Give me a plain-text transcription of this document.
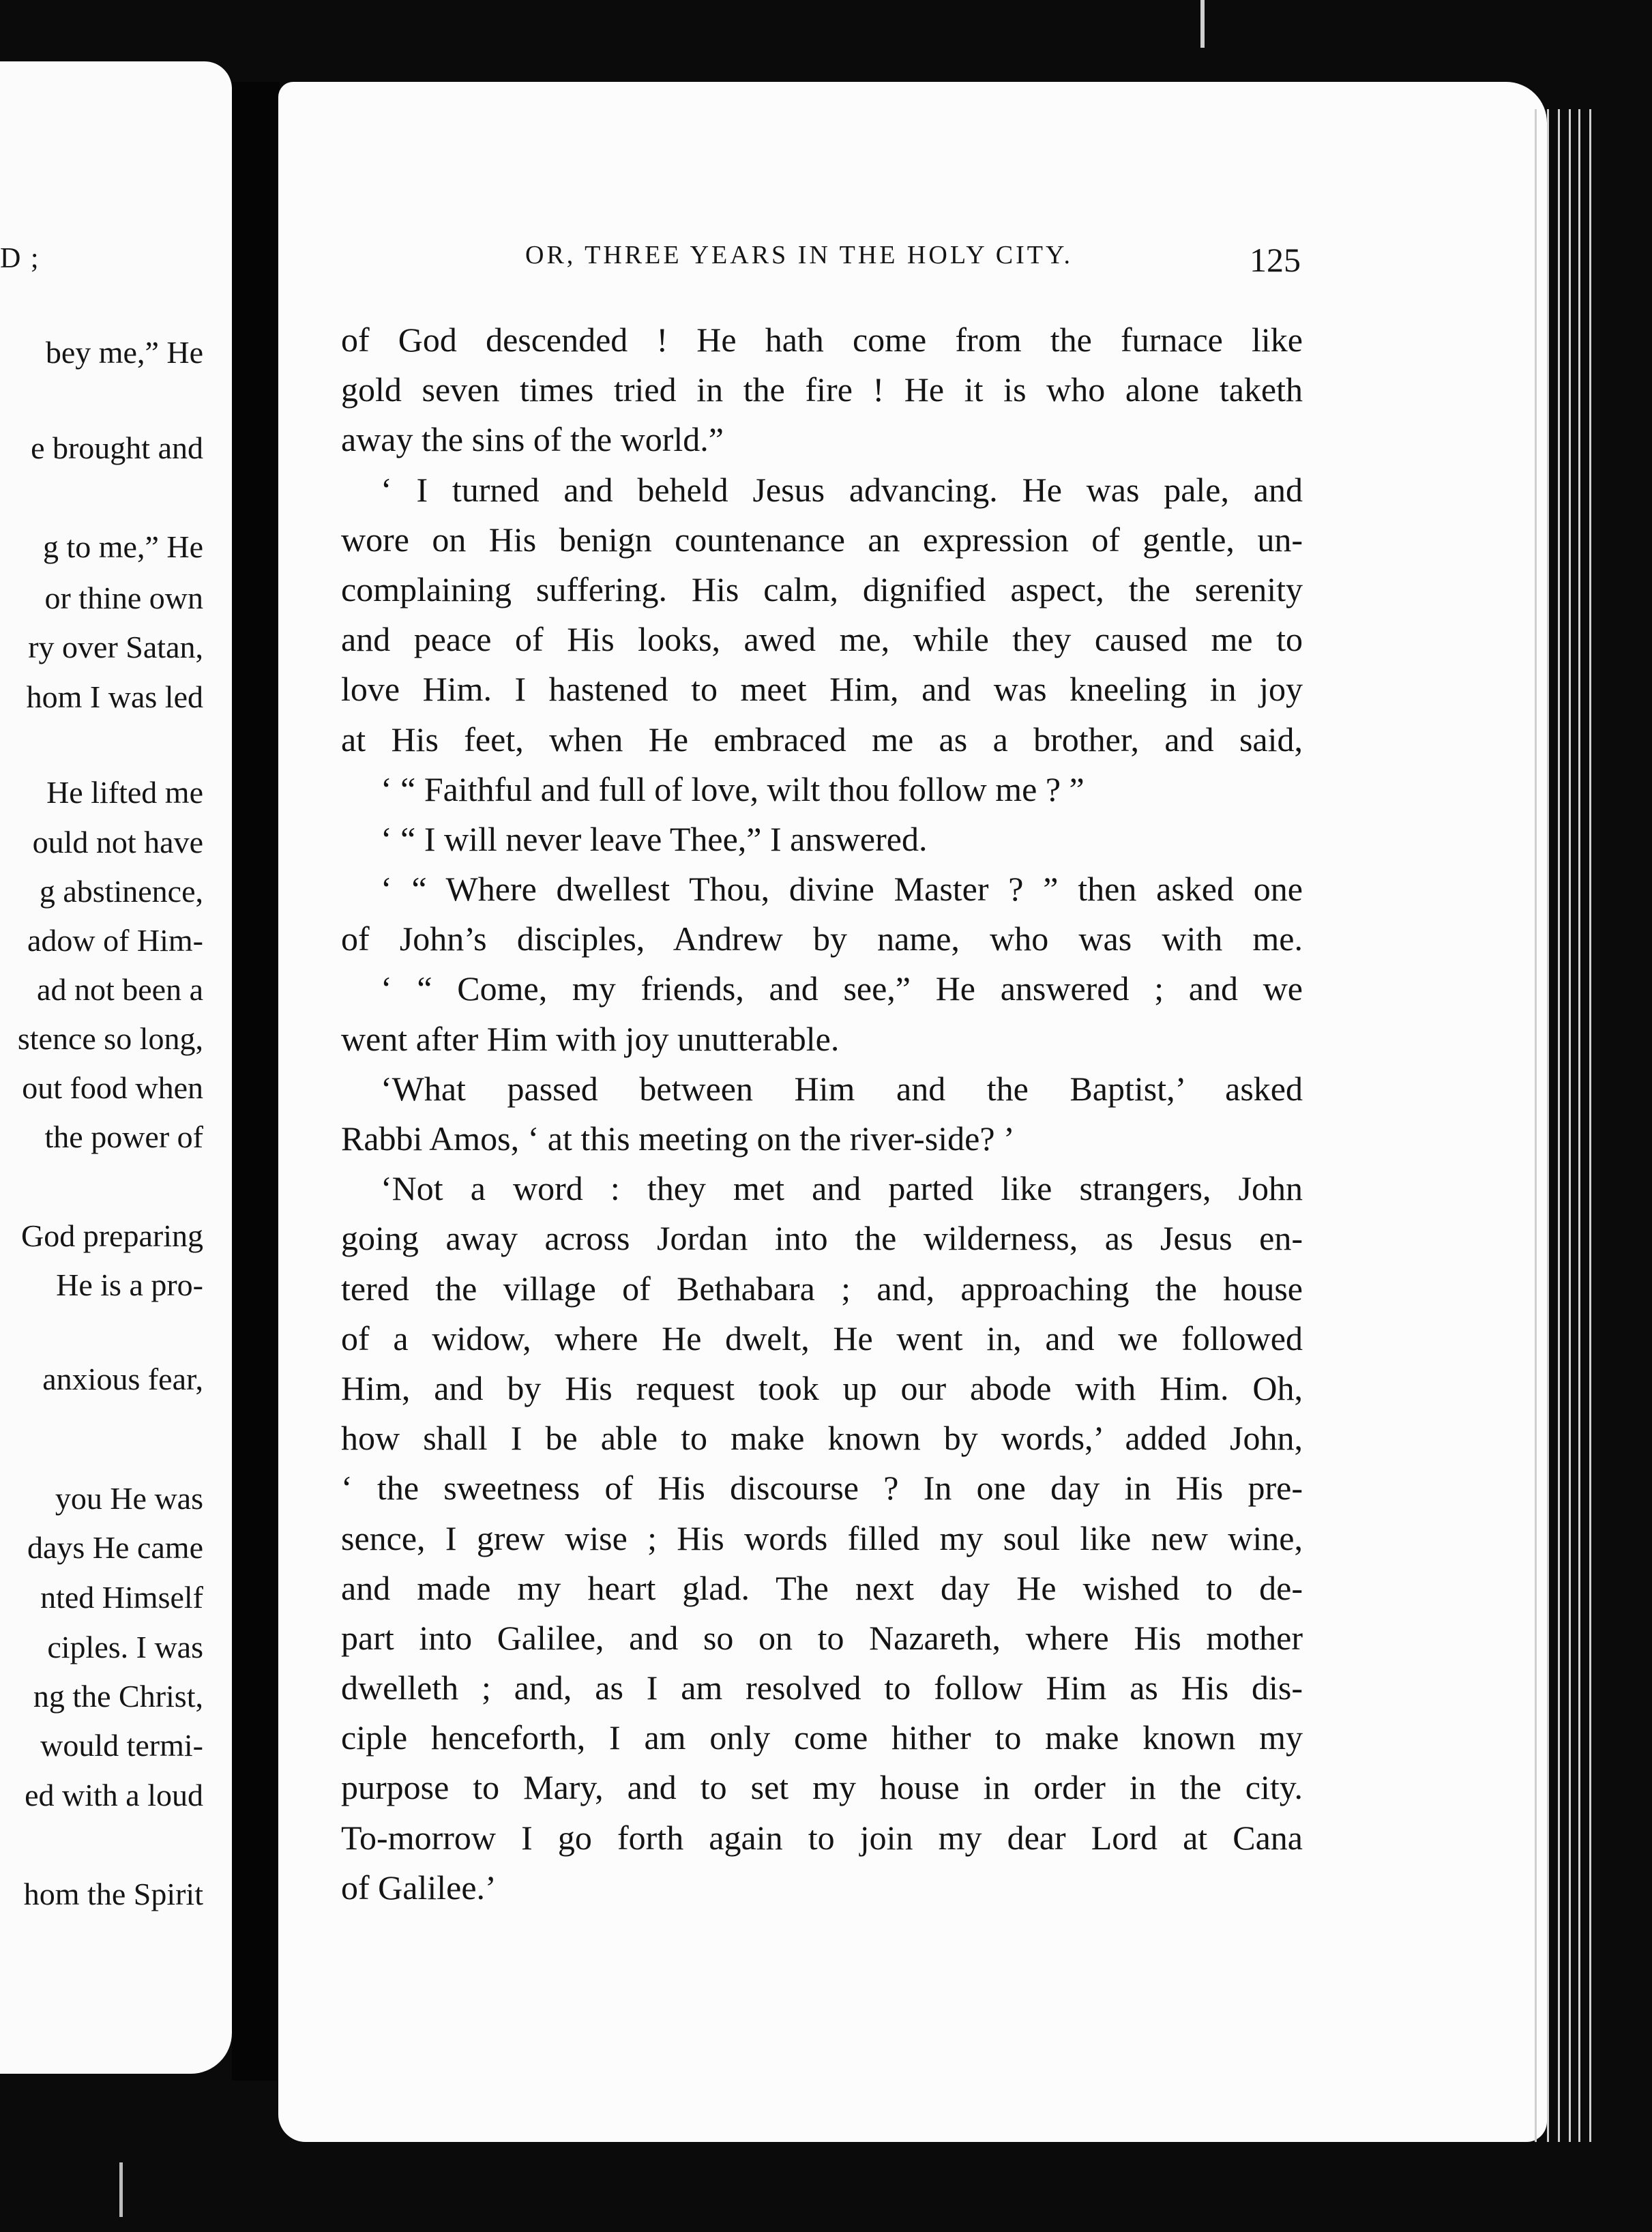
D ;
bey me,” He
e brought and
g to me,” He
or thine own
ry over Satan,
hom I was led
He lifted me
ould not have
g abstinence,
adow of Him-
ad not been a
stence so long,
out food when
the power of
God preparing
He is a pro-
anxious fear,
you He was
days He came
nted Himself
ciples. I was
ng the Christ,
would termi-
ed with a loud
hom the Spirit
OR, THREE YEARS IN THE HOLY CITY.	125
of God descended ! He hath come from the furnace like
gold seven times tried in the fire ! He it is who alone taketh
away the sins of the world.”
‘ I turned and beheld Jesus advancing. He was pale, and
wore on His benign countenance an expression of gentle, un-
complaining suffering. His calm, dignified aspect, the serenity
and peace of His looks, awed me, while they caused me to
love Him. I hastened to meet Him, and was kneeling in joy
at His feet, when He embraced me as a brother, and said,
‘ “ Faithful and full of love, wilt thou follow me ? ”
‘ “ I will never leave Thee,” I answered.
‘ “ Where dwellest Thou, divine Master ? ” then asked one
of John’s disciples, Andrew by name, who was with me.
‘ “ Come, my friends, and see,” He answered ; and we
went after Him with joy unutterable.
‘What passed between Him and the Baptist,’ asked
Rabbi Amos, ‘ at this meeting on the river-side? ’
‘Not a word : they met and parted like strangers, John
going away across Jordan into the wilderness, as Jesus en-
tered the village of Bethabara ; and, approaching the house
of a widow, where He dwelt, He went in, and we followed
Him, and by His request took up our abode with Him. Oh,
how shall I be able to make known by words,’ added John,
‘ the sweetness of His discourse ? In one day in His pre-
sence, I grew wise ; His words filled my soul like new wine,
and made my heart glad. The next day He wished to de-
part into Galilee, and so on to Nazareth, where His mother
dwelleth ; and, as I am resolved to follow Him as His dis-
ciple henceforth, I am only come hither to make known my
purpose to Mary, and to set my house in order in the city.
To-morrow I go forth again to join my dear Lord at Cana
of Galilee.’
